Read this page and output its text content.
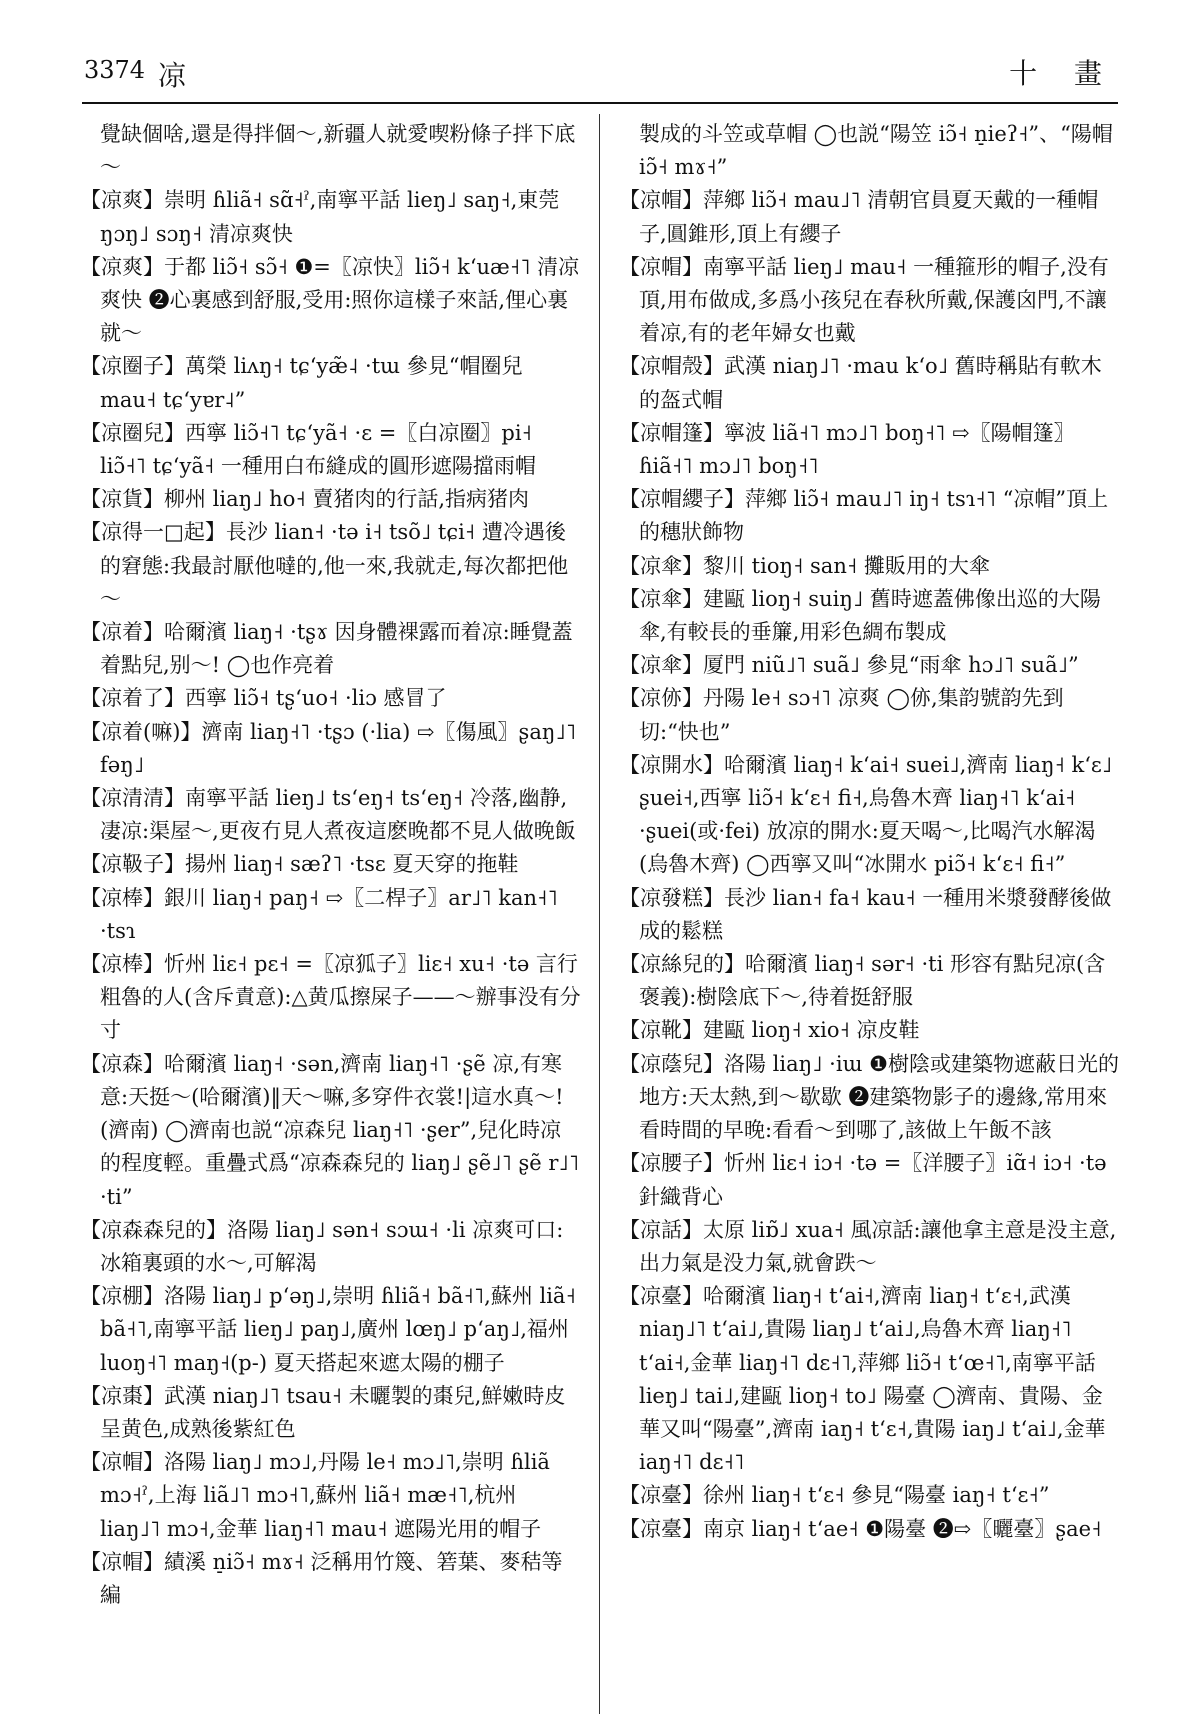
3374 凉	十 畫

覺缺個啥,還是得拌個～,新疆人就愛喫粉條子拌下底～

【凉爽】崇明 ɦliã˧ sɑ̃˧ˀ,南寧平話 lieŋ˩ saŋ˧,東莞ŋɔŋ˩ sɔŋ˧ 清凉爽快

【凉爽】于都 liɔ̃˧ sɔ̃˧ ❶=〖凉快〗liɔ̃˧ kʻuæ˧˥ 清凉爽快 ❷心裏感到舒服,受用:照你這樣子來話,俚心裏就～

【凉圈子】萬榮 liʌŋ˧ tɕʻyæ̃˨ ·tɯ 參見“帽圈兒 mau˧ tɕʻyɐr˨”

【凉圈兒】西寧 liɔ̃˧˥ tɕʻyã˧ ·ɛ =〖白凉圈〗pi˧ liɔ̃˧˥ tɕʻyã˧ 一種用白布縫成的圓形遮陽擋雨帽

【凉貨】柳州 liaŋ˩ ho˧ 賣猪肉的行話,指病猪肉

【凉得一□起】長沙 lian˧ ·tə i˧ tsõ˩ tɕi˧ 遭冷遇後的窘態:我最討厭他噠的,他一來,我就走,每次都把他～

【凉着】哈爾濱 liaŋ˧ ·tʂɤ 因身體裸露而着凉:睡覺蓋着點兒,别～! ◯也作亮着

【凉着了】西寧 liɔ̃˧ tʂʻuo˧ ·liɔ 感冒了

【凉着(嘛)】濟南 liaŋ˧˥ ·tʂɔ (·lia) ⇨〖傷風〗ʂaŋ˩˥ fəŋ˩

【凉清清】南寧平話 lieŋ˩ tsʻeŋ˧ tsʻeŋ˧ 冷落,幽静,凄凉:渠屋～,更夜冇見人煮夜這麽晚都不見人做晚飯

【凉靸子】揚州 liaŋ˧ sæʔ˥ ·tsɛ 夏天穿的拖鞋

【凉棒】銀川 liaŋ˧ paŋ˧ ⇨〖二桿子〗ar˩˥ kan˧˥ ·tsɿ

【凉棒】忻州 liɛ˧ pɛ˧ =〖凉狐子〗liɛ˧ xu˧ ·tə 言行粗魯的人(含斥責意):△黄瓜擦屎子——～辦事没有分寸

【凉森】哈爾濱 liaŋ˧ ·sən,濟南 liaŋ˧˥ ·ʂẽ 凉,有寒意:天挺～(哈爾濱)‖天～嘛,多穿件衣裳!|這水真～!(濟南) ◯濟南也説“凉森兒 liaŋ˧˥ ·ʂer”,兒化時凉的程度輕。重疊式爲“凉森森兒的 liaŋ˩ ʂẽ˩˥ ʂẽ r˩˥ ·ti”

【凉森森兒的】洛陽 liaŋ˩ sən˧ sɔɯ˧ ·li 凉爽可口:冰箱裏頭的水～,可解渴

【凉棚】洛陽 liaŋ˩ pʻəŋ˩,崇明 ɦliã˧ bã˧˥,蘇州 liã˧ bã˧˥,南寧平話 lieŋ˩ paŋ˩,廣州 lœŋ˩ pʻaŋ˩,福州 luoŋ˧˥ maŋ˧(p-) 夏天搭起來遮太陽的棚子

【凉棗】武漢 niaŋ˩˥ tsau˧ 未曬製的棗兒,鮮嫩時皮呈黄色,成熟後紫紅色

【凉帽】洛陽 liaŋ˩ mɔ˩,丹陽 le˧ mɔ˩˥,崇明 ɦliã mɔ˧ˀ,上海 liã˩˥ mɔ˧˥,蘇州 liã˧ mæ˧˥,杭州 liaŋ˩˥ mɔ˧,金華 liaŋ˧˥ mau˧ 遮陽光用的帽子

【凉帽】績溪 n̠iɔ̃˧ mɤ˧ 泛稱用竹篾、箬葉、麥秸等編

製成的斗笠或草帽 ◯也説“陽笠 iɔ̃˧ n̠ieʔ˧”、“陽帽 iɔ̃˧ mɤ˧”

【凉帽】萍鄉 liɔ̃˧ mau˩˥ 清朝官員夏天戴的一種帽子,圓錐形,頂上有纓子

【凉帽】南寧平話 lieŋ˩ mau˧ 一種箍形的帽子,没有頂,用布做成,多爲小孩兒在春秋所戴,保護囟門,不讓着凉,有的老年婦女也戴

【凉帽殼】武漢 niaŋ˩˥ ·mau kʻo˩ 舊時稱貼有軟木的盔式帽

【凉帽篷】寧波 liã˧˥ mɔ˩˥ boŋ˧˥ ⇨〖陽帽篷〗ɦiã˧˥ mɔ˩˥ boŋ˧˥

【凉帽纓子】萍鄉 liɔ̃˧ mau˩˥ iŋ˧ tsɿ˧˥ “凉帽”頂上的穗狀飾物

【凉傘】黎川 tioŋ˧ san˧ 攤販用的大傘

【凉傘】建甌 lioŋ˧ suiŋ˩ 舊時遮蓋佛像出巡的大陽傘,有較長的垂簾,用彩色綢布製成

【凉傘】厦門 niũ˩˥ suã˩ 參見“雨傘 hɔ˩˥ suã˩”

【凉㑊】丹陽 le˧ sɔ˧˥ 凉爽 ◯㑊,集韵號韵先到切:“快也”

【凉開水】哈爾濱 liaŋ˧ kʻai˧ suei˩,濟南 liaŋ˧ kʻɛ˩ ʂuei˧,西寧 liɔ̃˧ kʻɛ˧ fi˧,烏魯木齊 liaŋ˧˥ kʻai˧ ·ʂuei(或·fei) 放凉的開水:夏天喝～,比喝汽水解渴(烏魯木齊) ◯西寧又叫“冰開水 piɔ̃˧ kʻɛ˧ fi˧”

【凉發糕】長沙 lian˧ fa˧ kau˧ 一種用米漿發酵後做成的鬆糕

【凉絲兒的】哈爾濱 liaŋ˧ sər˧ ·ti 形容有點兒凉(含褒義):樹陰底下～,待着挺舒服

【凉靴】建甌 lioŋ˧ xio˧ 凉皮鞋

【凉蔭兒】洛陽 liaŋ˩ ·iɯ ❶樹陰或建築物遮蔽日光的地方:天太熱,到～歇歇 ❷建築物影子的邊緣,常用來看時間的早晚:看看～到哪了,該做上午飯不該

【凉腰子】忻州 liɛ˧ iɔ˧ ·tə =〖洋腰子〗iɑ̃˧ iɔ˧ ·tə 針織背心

【凉話】太原 liɒ̃˩ xua˧ 風凉話:讓他拿主意是没主意,出力氣是没力氣,就會跌～

【凉臺】哈爾濱 liaŋ˧ tʻai˧,濟南 liaŋ˧ tʻɛ˧,武漢 niaŋ˩˥ tʻai˩,貴陽 liaŋ˩ tʻai˩,烏魯木齊 liaŋ˧˥ tʻai˧,金華 liaŋ˧˥ dɛ˧˥,萍鄉 liɔ̃˧ tʻœ˧˥,南寧平話 lieŋ˩ tai˩,建甌 lioŋ˧ to˩ 陽臺 ◯濟南、貴陽、金華又叫“陽臺”,濟南 iaŋ˧ tʻɛ˧,貴陽 iaŋ˩ tʻai˩,金華 iaŋ˧˥ dɛ˧˥

【凉臺】徐州 liaŋ˧ tʻɛ˧ 參見“陽臺 iaŋ˧ tʻɛ˧”

【凉臺】南京 liaŋ˧ tʻae˧ ❶陽臺 ❷⇨〖曬臺〗ʂae˧
